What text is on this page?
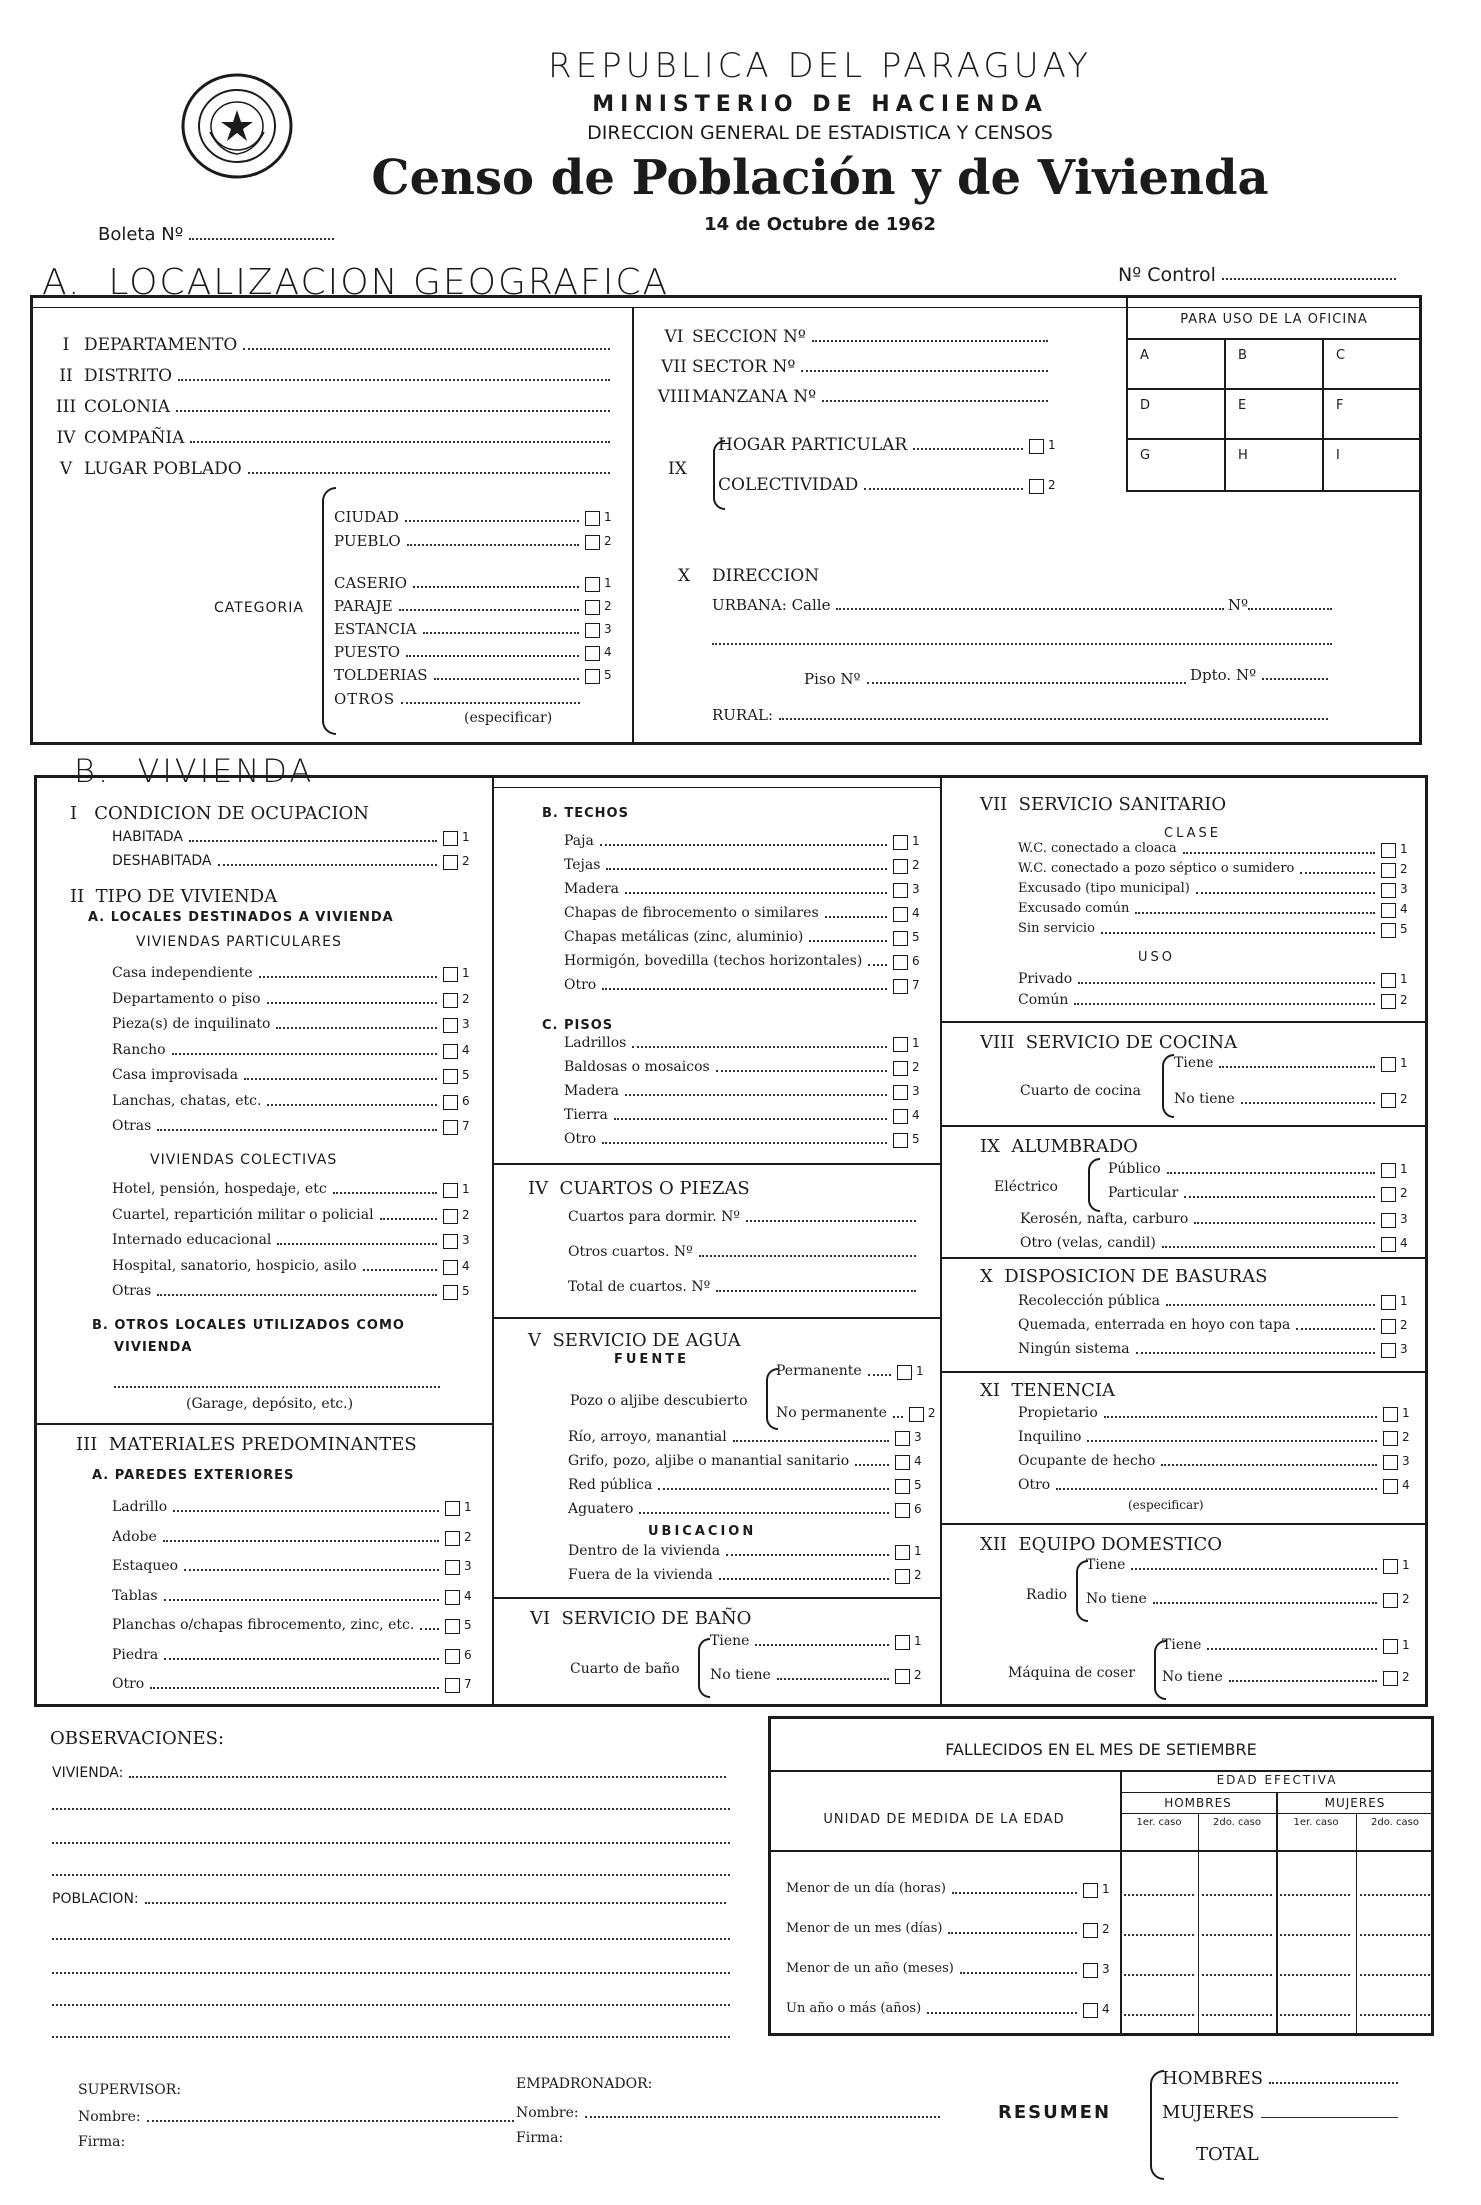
REPUBLICA DEL PARAGUAY
MINISTERIO DE HACIENDA
DIRECCION GENERAL DE ESTADISTICA Y CENSOS
Censo de Población y de Vivienda
14 de Octubre de 1962
Boleta Nº
Nº Control
A.  LOCALIZACION GEOGRAFICA
I DEPARTAMENTO
II DISTRITO
III COLONIA
IV COMPAÑIA
V LUGAR POBLADO
CATEGORIA
CIUDAD	1
PUEBLO	2
CASERIO	1
PARAJE	2
ESTANCIA	3
PUESTO	4
TOLDERIAS	5
OTROS
(especificar)
VI SECCION Nº
VII SECTOR Nº
VIII MANZANA Nº
IX
HOGAR PARTICULAR	1
COLECTIVIDAD	2
X DIRECCION
URBANA: Calle	Nº
Piso Nº	Dpto. Nº
RURAL:
PARA USO DE LA OFICINA
A	B	C
D	E	F
G	H	I
B.  VIVIENDA
I   CONDICION DE OCUPACION
HABITADA	1
DESHABITADA	2
II  TIPO DE VIVIENDA
A. LOCALES DESTINADOS A VIVIENDA
VIVIENDAS PARTICULARES
Casa independiente	1
Departamento o piso	2
Pieza(s) de inquilinato	3
Rancho	4
Casa improvisada	5
Lanchas, chatas, etc.	6
Otras	7
VIVIENDAS COLECTIVAS
Hotel, pensión, hospedaje, etc	1
Cuartel, repartición militar o policial	2
Internado educacional	3
Hospital, sanatorio, hospicio, asilo	4
Otras	5
B. OTROS LOCALES UTILIZADOS COMO
VIVIENDA
(Garage, depósito, etc.)
III  MATERIALES PREDOMINANTES
A. PAREDES EXTERIORES
Ladrillo	1
Adobe	2
Estaqueo	3
Tablas	4
Planchas o/chapas fibrocemento, zinc, etc.	5
Piedra	6
Otro	7
B. TECHOS
Paja	1
Tejas	2
Madera	3
Chapas de fibrocemento o similares	4
Chapas metálicas (zinc, aluminio)	5
Hormigón, bovedilla (techos horizontales)	6
Otro	7
C. PISOS
Ladrillos	1
Baldosas o mosaicos	2
Madera	3
Tierra	4
Otro	5
IV  CUARTOS O PIEZAS
Cuartos para dormir. Nº
Otros cuartos. Nº
Total de cuartos. Nº
V  SERVICIO DE AGUA
FUENTE
Pozo o aljibe descubierto
Permanente	1
No permanente	2
Río, arroyo, manantial	3
Grifo, pozo, aljibe o manantial sanitario	4
Red pública	5
Aguatero	6
UBICACION
Dentro de la vivienda	1
Fuera de la vivienda	2
VI  SERVICIO DE BAÑO
Cuarto de baño
Tiene	1
No tiene	2
VII  SERVICIO SANITARIO
CLASE
W.C. conectado a cloaca	1
W.C. conectado a pozo séptico o sumidero	2
Excusado (tipo municipal)	3
Excusado común	4
Sin servicio	5
USO
Privado	1
Común	2
VIII  SERVICIO DE COCINA
Cuarto de cocina
Tiene	1
No tiene	2
IX  ALUMBRADO
Eléctrico
Público	1
Particular	2
Kerosén, nafta, carburo	3
Otro (velas, candil)	4
X  DISPOSICION DE BASURAS
Recolección pública	1
Quemada, enterrada en hoyo con tapa	2
Ningún sistema	3
XI  TENENCIA
Propietario	1
Inquilino	2
Ocupante de hecho	3
Otro	4
(especificar)
XII  EQUIPO DOMESTICO
Radio
Tiene	1
No tiene	2
Máquina de coser
Tiene	1
No tiene	2
OBSERVACIONES:
VIVIENDA:
POBLACION:
FALLECIDOS EN EL MES DE SETIEMBRE
UNIDAD DE MEDIDA DE LA EDAD
EDAD EFECTIVA
HOMBRES	MUJERES
1er. caso	2do. caso	1er. caso	2do. caso
Menor de un día (horas)	1
Menor de un mes (días)	2
Menor de un año (meses)	3
Un año o más (años)	4
SUPERVISOR:
Nombre:
Firma:
EMPADRONADOR:
Nombre:
Firma:
RESUMEN
HOMBRES
MUJERES
TOTAL
